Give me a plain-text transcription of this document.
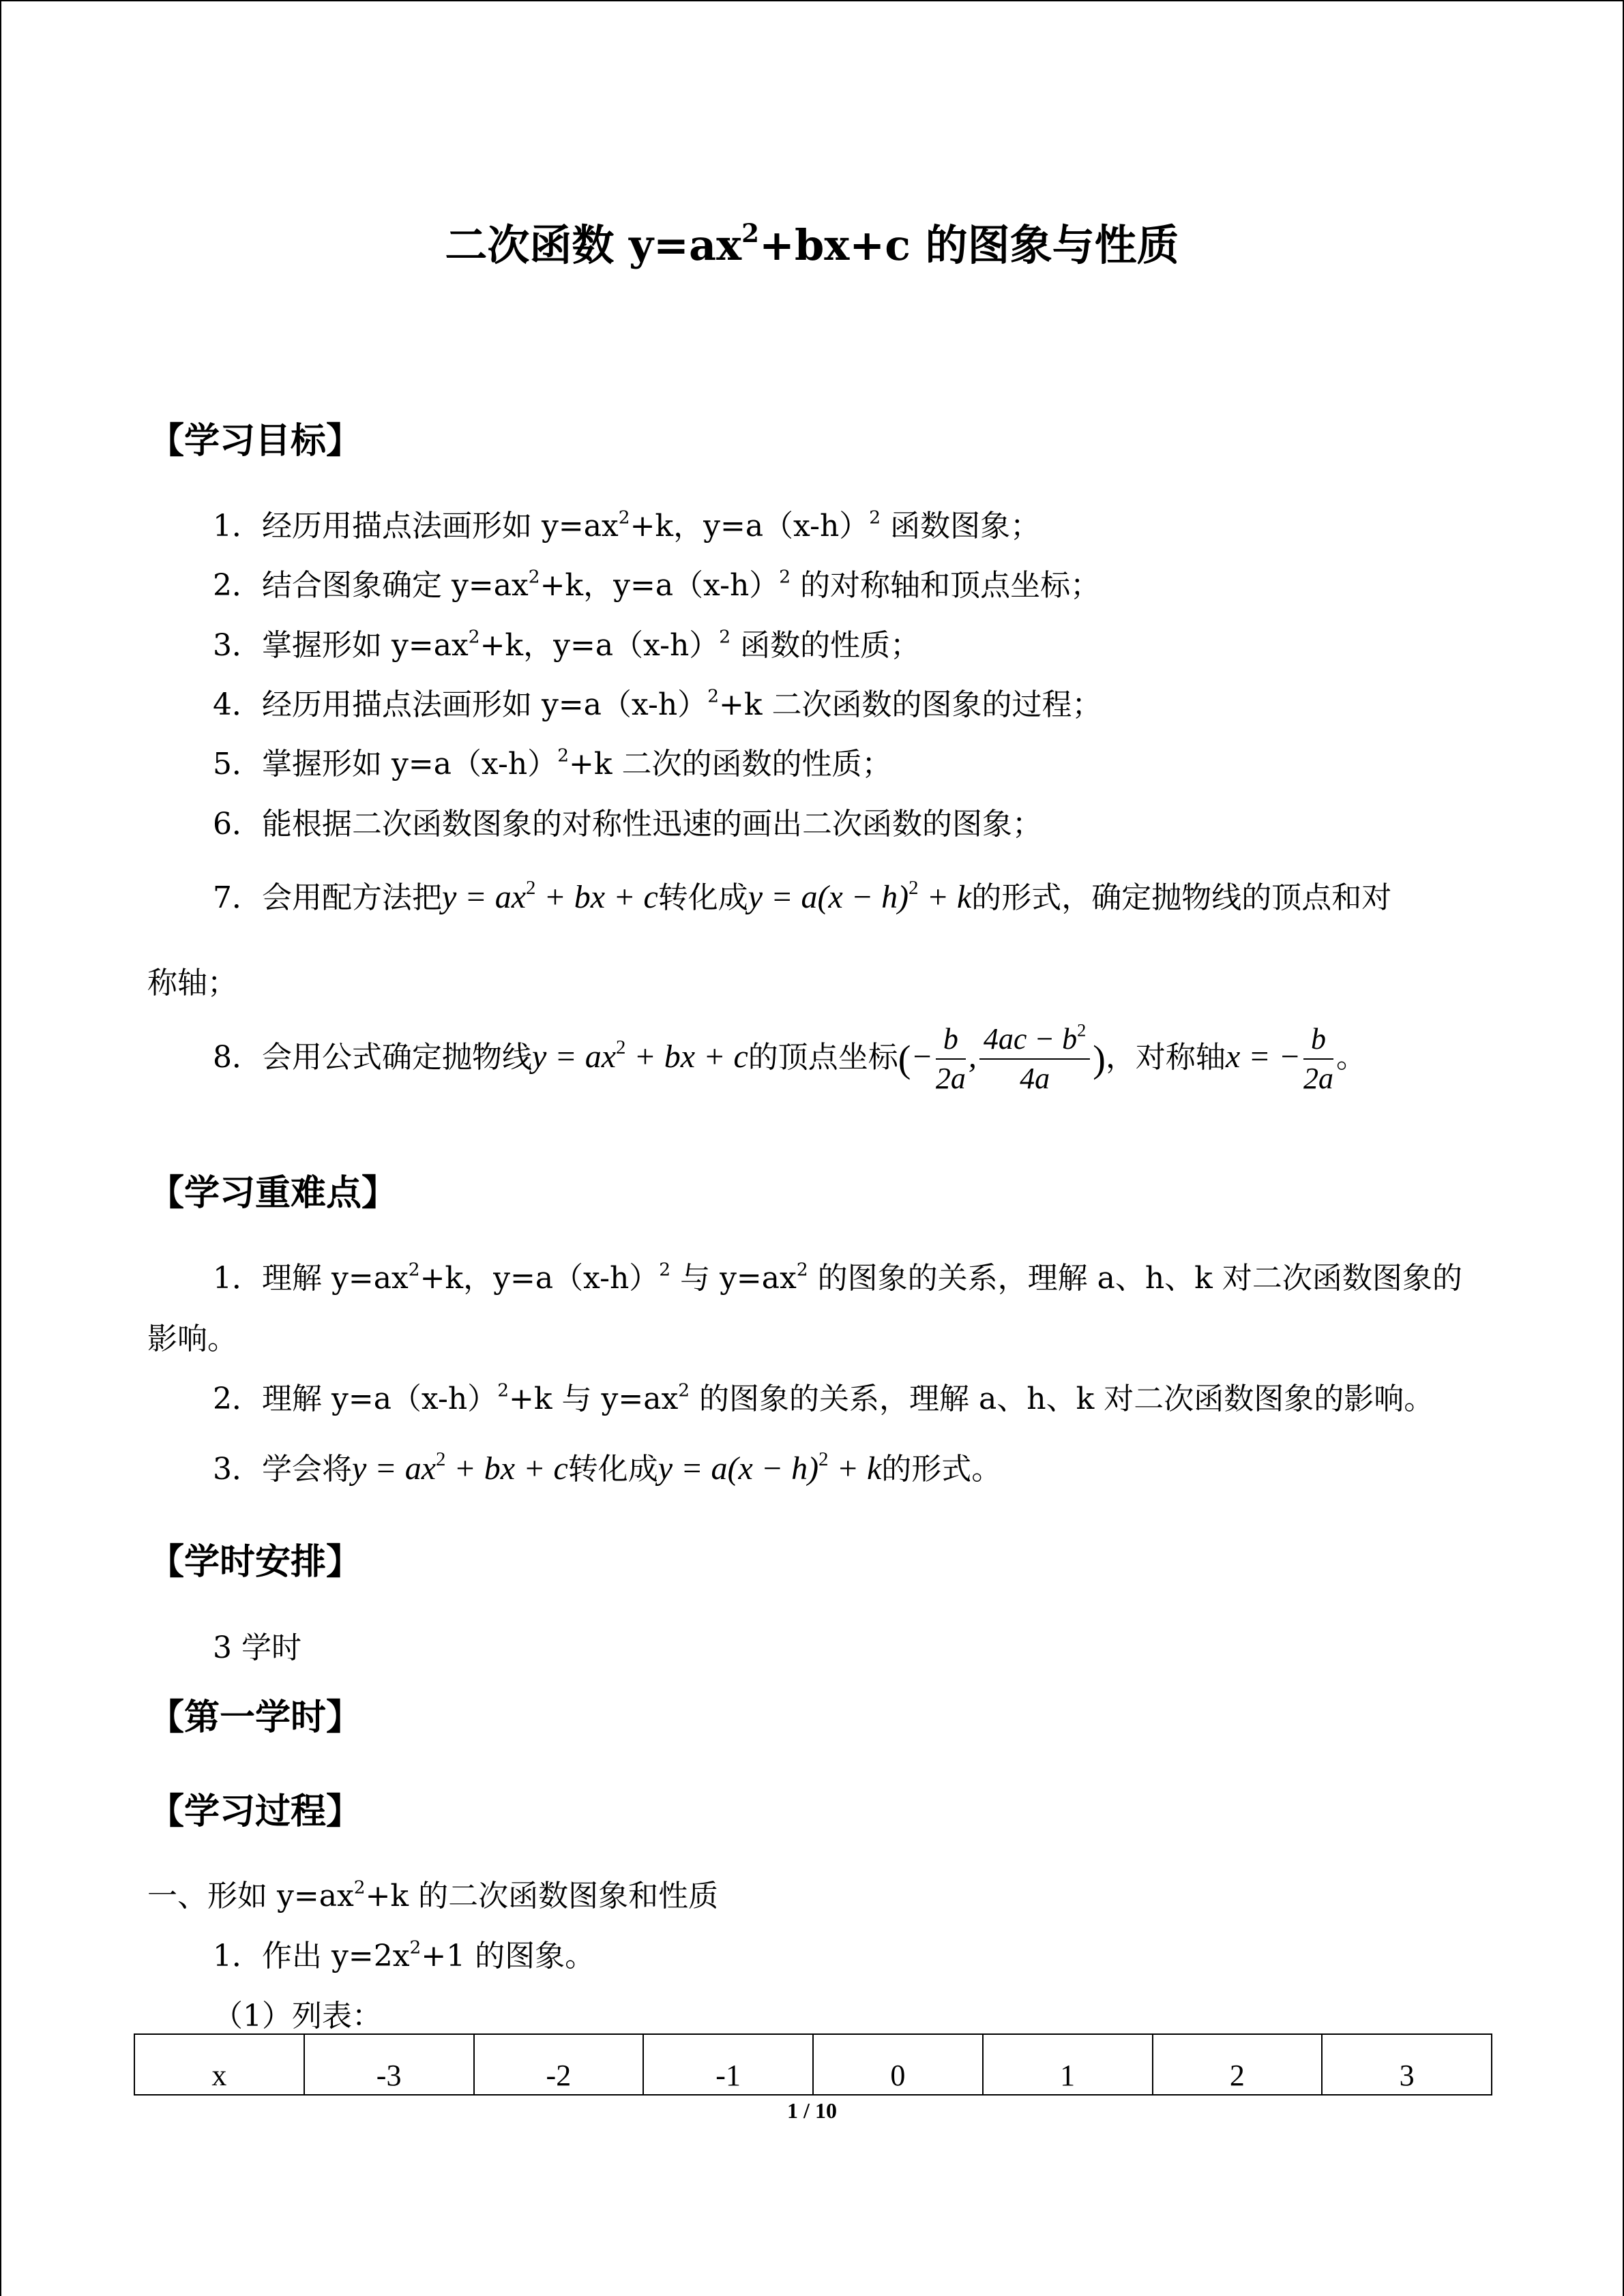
二次函数 $y=ax^2+bx+c$ 的图象与性质
【学习目标】
1．经历用描点法画形如 $y=ax^2+k$，$y=a(x-h)^2$ 函数图象；
2．结合图象确定 $y=ax^2+k$，$y=a(x-h)^2$ 的对称轴和顶点坐标；
3．掌握形如 $y=ax^2+k$，$y=a(x-h)^2$ 函数的性质；
4．经历用描点法画形如 $y=a(x-h)^2+k$ 二次函数的图象的过程；
5．掌握形如 $y=a(x-h)^2+k$ 二次的函数的性质；
6．能根据二次函数图象的对称性迅速的画出二次函数的图象；
7．会用配方法把$y = ax^2$ + bx + c转化成$y = a(x - h)^2 + k$的形式，确定抛物线的顶点和对
称轴；
8．会用公式确定抛物线$y = ax^2$ + bx + c的顶点坐标(− $\frac{b}{2a}$ , $\frac{4ac - b^2}{4a}$ )，对称轴x = − $\frac{b}{2a}$ 。
【学习重难点】
1．理解 $y=ax^2+k$，$y=a(x-h)^2$ 与 $y=ax^2$ 的图象的关系，理解 a、h、k 对二次函数图象的
影响。
2．理解 $y=a(x-h)^2+k$ 与 $y=ax^2$ 的图象的关系，理解 a、h、k 对二次函数图象的影响。
3．学会将$y = ax^2$ + bx + c转化成$y = a(x - h)^2 + k$的形式。
【学时安排】
3 学时
【第一学时】
【学习过程】
一、形如 $y=ax^2+k$ 的二次函数图象和性质
1．作出 $y=2x^2+1$ 的图象。
（1）列表：
x	-3	-2	-1	0	1	2	3
1 / 10
